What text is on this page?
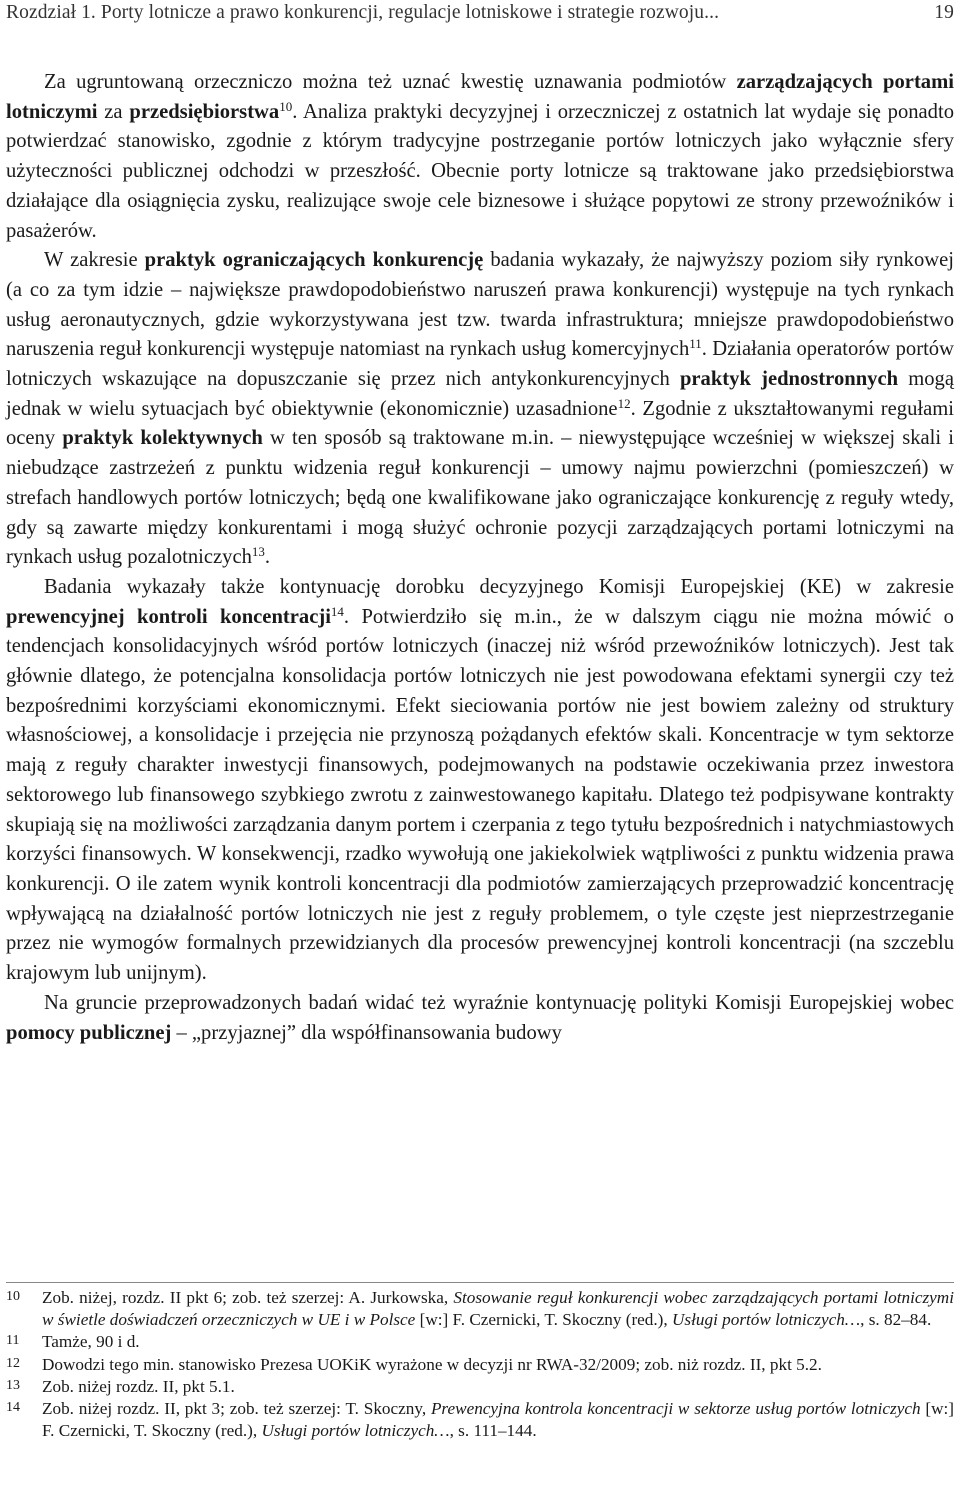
Rozdział 1. Porty lotnicze a prawo konkurencji, regulacje lotniskowe i strategie rozwoju...	19

Za ugruntowaną orzeczniczo można też uznać kwestię uznawania podmiotów zarządzających portami lotniczymi za przedsiębiorstwa$^{10}$. Analiza praktyki decyzyjnej i orzeczniczej z ostatnich lat wydaje się ponadto potwierdzać stanowisko, zgodnie z którym tradycyjne postrzeganie portów lotniczych jako wyłącznie sfery użyteczności publicznej odchodzi w przeszłość. Obecnie porty lotnicze są traktowane jako przedsiębiorstwa działające dla osiągnięcia zysku, realizujące swoje cele biznesowe i służące popytowi ze strony przewoźników i pasażerów.

W zakresie praktyk ograniczających konkurencję badania wykazały, że najwyższy poziom siły rynkowej (a co za tym idzie – największe prawdopodobieństwo naruszeń prawa konkurencji) występuje na tych rynkach usług aeronautycznych, gdzie wykorzystywana jest tzw. twarda infrastruktura; mniejsze prawdopodobieństwo naruszenia reguł konkurencji występuje natomiast na rynkach usług komercyjnych$^{11}$. Działania operatorów portów lotniczych wskazujące na dopuszczanie się przez nich antykonkurencyjnych praktyk jednostronnych mogą jednak w wielu sytuacjach być obiektywnie (ekonomicznie) uzasadnione$^{12}$. Zgodnie z ukształtowanymi regułami oceny praktyk kolektywnych w ten sposób są traktowane m.in. – niewystępujące wcześniej w większej skali i niebudzące zastrzeżeń z punktu widzenia reguł konkurencji – umowy najmu powierzchni (pomieszczeń) w strefach handlowych portów lotniczych; będą one kwalifikowane jako ograniczające konkurencję z reguły wtedy, gdy są zawarte między konkurentami i mogą służyć ochronie pozycji zarządzających portami lotniczymi na rynkach usług pozalotniczych$^{13}$.

Badania wykazały także kontynuację dorobku decyzyjnego Komisji Europejskiej (KE) w zakresie prewencyjnej kontroli koncentracji$^{14}$. Potwierdziło się m.in., że w dalszym ciągu nie można mówić o tendencjach konsolidacyjnych wśród portów lotniczych (inaczej niż wśród przewoźników lotniczych). Jest tak głównie dlatego, że potencjalna konsolidacja portów lotniczych nie jest powodowana efektami synergii czy też bezpośrednimi korzyściami ekonomicznymi. Efekt sieciowania portów nie jest bowiem zależny od struktury własnościowej, a konsolidacje i przejęcia nie przynoszą pożądanych efektów skali. Koncentracje w tym sektorze mają z reguły charakter inwestycji finansowych, podejmowanych na podstawie oczekiwania przez inwestora sektorowego lub finansowego szybkiego zwrotu z zainwestowanego kapitału. Dlatego też podpisywane kontrakty skupiają się na możliwości zarządzania danym portem i czerpania z tego tytułu bezpośrednich i natychmiastowych korzyści finansowych. W konsekwencji, rzadko wywołują one jakiekolwiek wątpliwości z punktu widzenia prawa konkurencji. O ile zatem wynik kontroli koncentracji dla podmiotów zamierzających przeprowadzić koncentrację wpływającą na działalność portów lotniczych nie jest z reguły problemem, o tyle częste jest nieprzestrzeganie przez nie wymogów formalnych przewidzianych dla procesów prewencyjnej kontroli koncentracji (na szczeblu krajowym lub unijnym).

Na gruncie przeprowadzonych badań widać też wyraźnie kontynuację polityki Komisji Europejskiej wobec pomocy publicznej – „przyjaznej” dla współfinansowania budowy

10 Zob. niżej, rozdz. II pkt 6; zob. też szerzej: A. Jurkowska, Stosowanie reguł konkurencji wobec zarządzających portami lotniczymi w świetle doświadczeń orzeczniczych w UE i w Polsce [w:] F. Czernicki, T. Skoczny (red.), Usługi portów lotniczych…, s. 82–84.
11 Tamże, 90 i d.
12 Dowodzi tego min. stanowisko Prezesa UOKiK wyrażone w decyzji nr RWA-32/2009; zob. niż rozdz. II, pkt 5.2.
13 Zob. niżej rozdz. II, pkt 5.1.
14 Zob. niżej rozdz. II, pkt 3; zob. też szerzej: T. Skoczny, Prewencyjna kontrola koncentracji w sektorze usług portów lotniczych [w:] F. Czernicki, T. Skoczny (red.), Usługi portów lotniczych…, s. 111–144.
